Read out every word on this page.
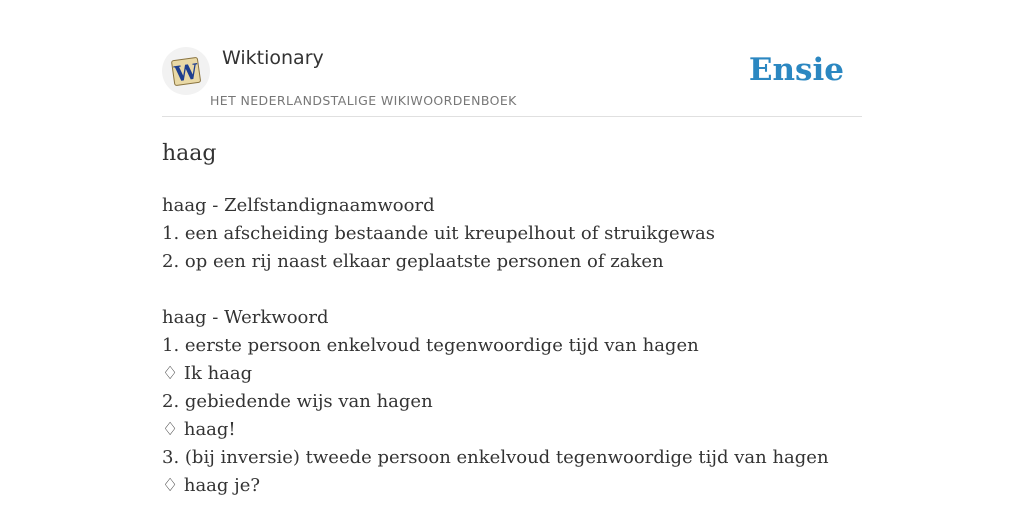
W
Wiktionary
HET NEDERLANDSTALIGE WIKIWOORDENBOEK
Ensie
haag
haag - Zelfstandignaamwoord
1. een afscheiding bestaande uit kreupelhout of struikgewas
2. op een rij naast elkaar geplaatste personen of zaken
haag - Werkwoord
1. eerste persoon enkelvoud tegenwoordige tijd van hagen
♢ Ik haag
2. gebiedende wijs van hagen
♢ haag!
3. (bij inversie) tweede persoon enkelvoud tegenwoordige tijd van hagen
♢ haag je?
